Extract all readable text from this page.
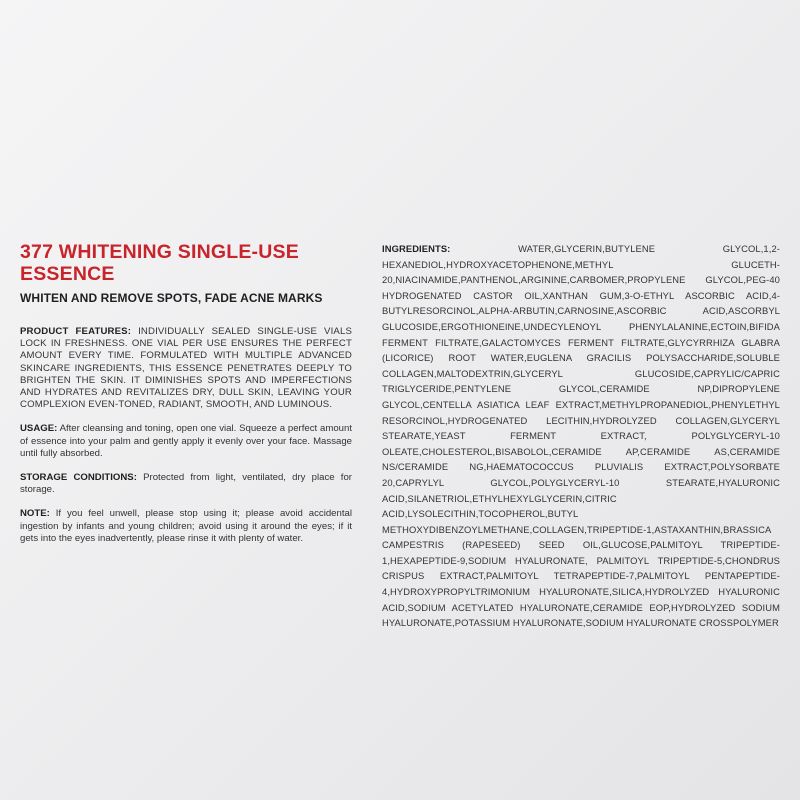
377 WHITENING SINGLE-USE ESSENCE
WHITEN AND REMOVE SPOTS, FADE ACNE MARKS

PRODUCT FEATURES: INDIVIDUALLY SEALED SINGLE-USE VIALS LOCK IN FRESHNESS. ONE VIAL PER USE ENSURES THE PERFECT AMOUNT EVERY TIME. FORMULATED WITH MULTIPLE ADVANCED SKINCARE INGREDIENTS, THIS ESSENCE PENETRATES DEEPLY TO BRIGHTEN THE SKIN. IT DIMINISHES SPOTS AND IMPERFECTIONS AND HYDRATES AND REVITALIZES DRY, DULL SKIN, LEAVING YOUR COMPLEXION EVEN-TONED, RADIANT, SMOOTH, AND LUMINOUS.

USAGE: After cleansing and toning, open one vial. Squeeze a perfect amount of essence into your palm and gently apply it evenly over your face. Massage until fully absorbed.

STORAGE CONDITIONS: Protected from light, ventilated, dry place for storage.

NOTE: If you feel unwell, please stop using it; please avoid accidental ingestion by infants and young children; avoid using it around the eyes; if it gets into the eyes inadvertently, please rinse it with plenty of water.

INGREDIENTS:	WATER,GLYCERIN,BUTYLENE GLYCOL,1,2-HEXANEDIOL,HYDROXYACETOPHENONE,METHYL GLUCETH-20,NIACINAMIDE,PANTHENOL,ARGININE,CARBOMER,PROPYLENE GLYCOL,PEG-40 HYDROGENATED CASTOR OIL,XANTHAN GUM,3-O-ETHYL ASCORBIC ACID,4-BUTYLRESORCINOL,ALPHA-ARBUTIN,CARNOSINE,ASCORBIC ACID,ASCORBYL GLUCOSIDE,ERGOTHIONEINE,UNDECYLENOYL PHENYLALANINE,ECTOIN,BIFIDA FERMENT FILTRATE,GALACTOMYCES FERMENT FILTRATE,GLYCYRRHIZA GLABRA (LICORICE) ROOT WATER,EUGLENA GRACILIS POLYSACCHARIDE,SOLUBLE COLLAGEN,MALTODEXTRIN,GLYCERYL GLUCOSIDE,CAPRYLIC/CAPRIC TRIGLYCERIDE,PENTYLENE GLYCOL,CERAMIDE NP,DIPROPYLENE GLYCOL,CENTELLA ASIATICA LEAF EXTRACT,METHYLPROPANEDIOL,PHENYLETHYL RESORCINOL,HYDROGENATED LECITHIN,HYDROLYZED COLLAGEN,GLYCERYL STEARATE,YEAST FERMENT EXTRACT, POLYGLYCERYL-10 OLEATE,CHOLESTEROL,BISABOLOL,CERAMIDE AP,CERAMIDE AS,CERAMIDE NS/CERAMIDE NG,HAEMATOCOCCUS PLUVIALIS EXTRACT,POLYSORBATE 20,CAPRYLYL GLYCOL,POLYGLYCERYL-10 STEARATE,HYALURONIC ACID,SILANETRIOL,ETHYLHEXYLGLYCERIN,CITRIC ACID,LYSOLECITHIN,TOCOPHEROL,BUTYL METHOXYDIBENZOYLMETHANE,COLLAGEN,TRIPEPTIDE-1,ASTAXANTHIN,BRASSICA CAMPESTRIS (RAPESEED) SEED OIL,GLUCOSE,PALMITOYL TRIPEPTIDE-1,HEXAPEPTIDE-9,SODIUM HYALURONATE, PALMITOYL TRIPEPTIDE-5,CHONDRUS CRISPUS EXTRACT,PALMITOYL TETRAPEPTIDE-7,PALMITOYL PENTAPEPTIDE-4,HYDROXYPROPYLTRIMONIUM HYALURONATE,SILICA,HYDROLYZED HYALURONIC ACID,SODIUM ACETYLATED HYALURONATE,CERAMIDE EOP,HYDROLYZED SODIUM HYALURONATE,POTASSIUM HYALURONATE,SODIUM HYALURONATE CROSSPOLYMER
